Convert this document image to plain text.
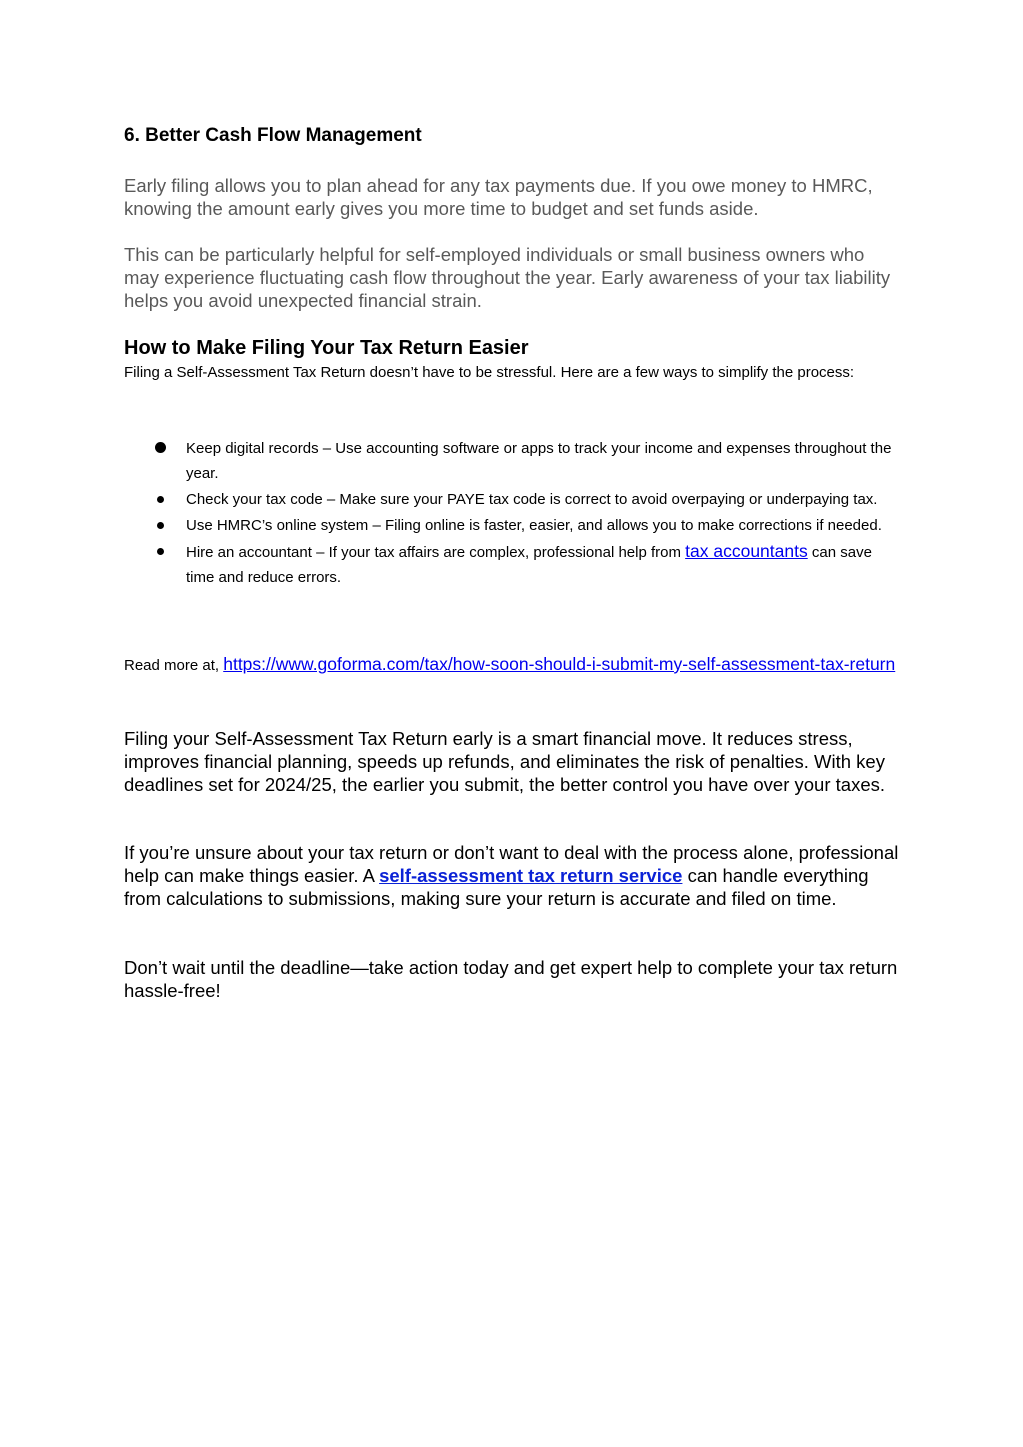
6. Better Cash Flow Management

Early filing allows you to plan ahead for any tax payments due. If you owe money to HMRC, knowing the amount early gives you more time to budget and set funds aside.

This can be particularly helpful for self-employed individuals or small business owners who may experience fluctuating cash flow throughout the year. Early awareness of your tax liability helps you avoid unexpected financial strain.

How to Make Filing Your Tax Return Easier

Filing a Self-Assessment Tax Return doesn’t have to be stressful. Here are a few ways to simplify the process:

Keep digital records – Use accounting software or apps to track your income and expenses throughout the year.
Check your tax code – Make sure your PAYE tax code is correct to avoid overpaying or underpaying tax.
Use HMRC’s online system – Filing online is faster, easier, and allows you to make corrections if needed.
Hire an accountant – If your tax affairs are complex, professional help from tax accountants can save time and reduce errors.

Read more at, https://www.goforma.com/tax/how-soon-should-i-submit-my-self-assessment-tax-return

Filing your Self-Assessment Tax Return early is a smart financial move. It reduces stress, improves financial planning, speeds up refunds, and eliminates the risk of penalties. With key deadlines set for 2024/25, the earlier you submit, the better control you have over your taxes.

If you’re unsure about your tax return or don’t want to deal with the process alone, professional help can make things easier. A self-assessment tax return service can handle everything from calculations to submissions, making sure your return is accurate and filed on time.

Don’t wait until the deadline—take action today and get expert help to complete your tax return hassle-free!
